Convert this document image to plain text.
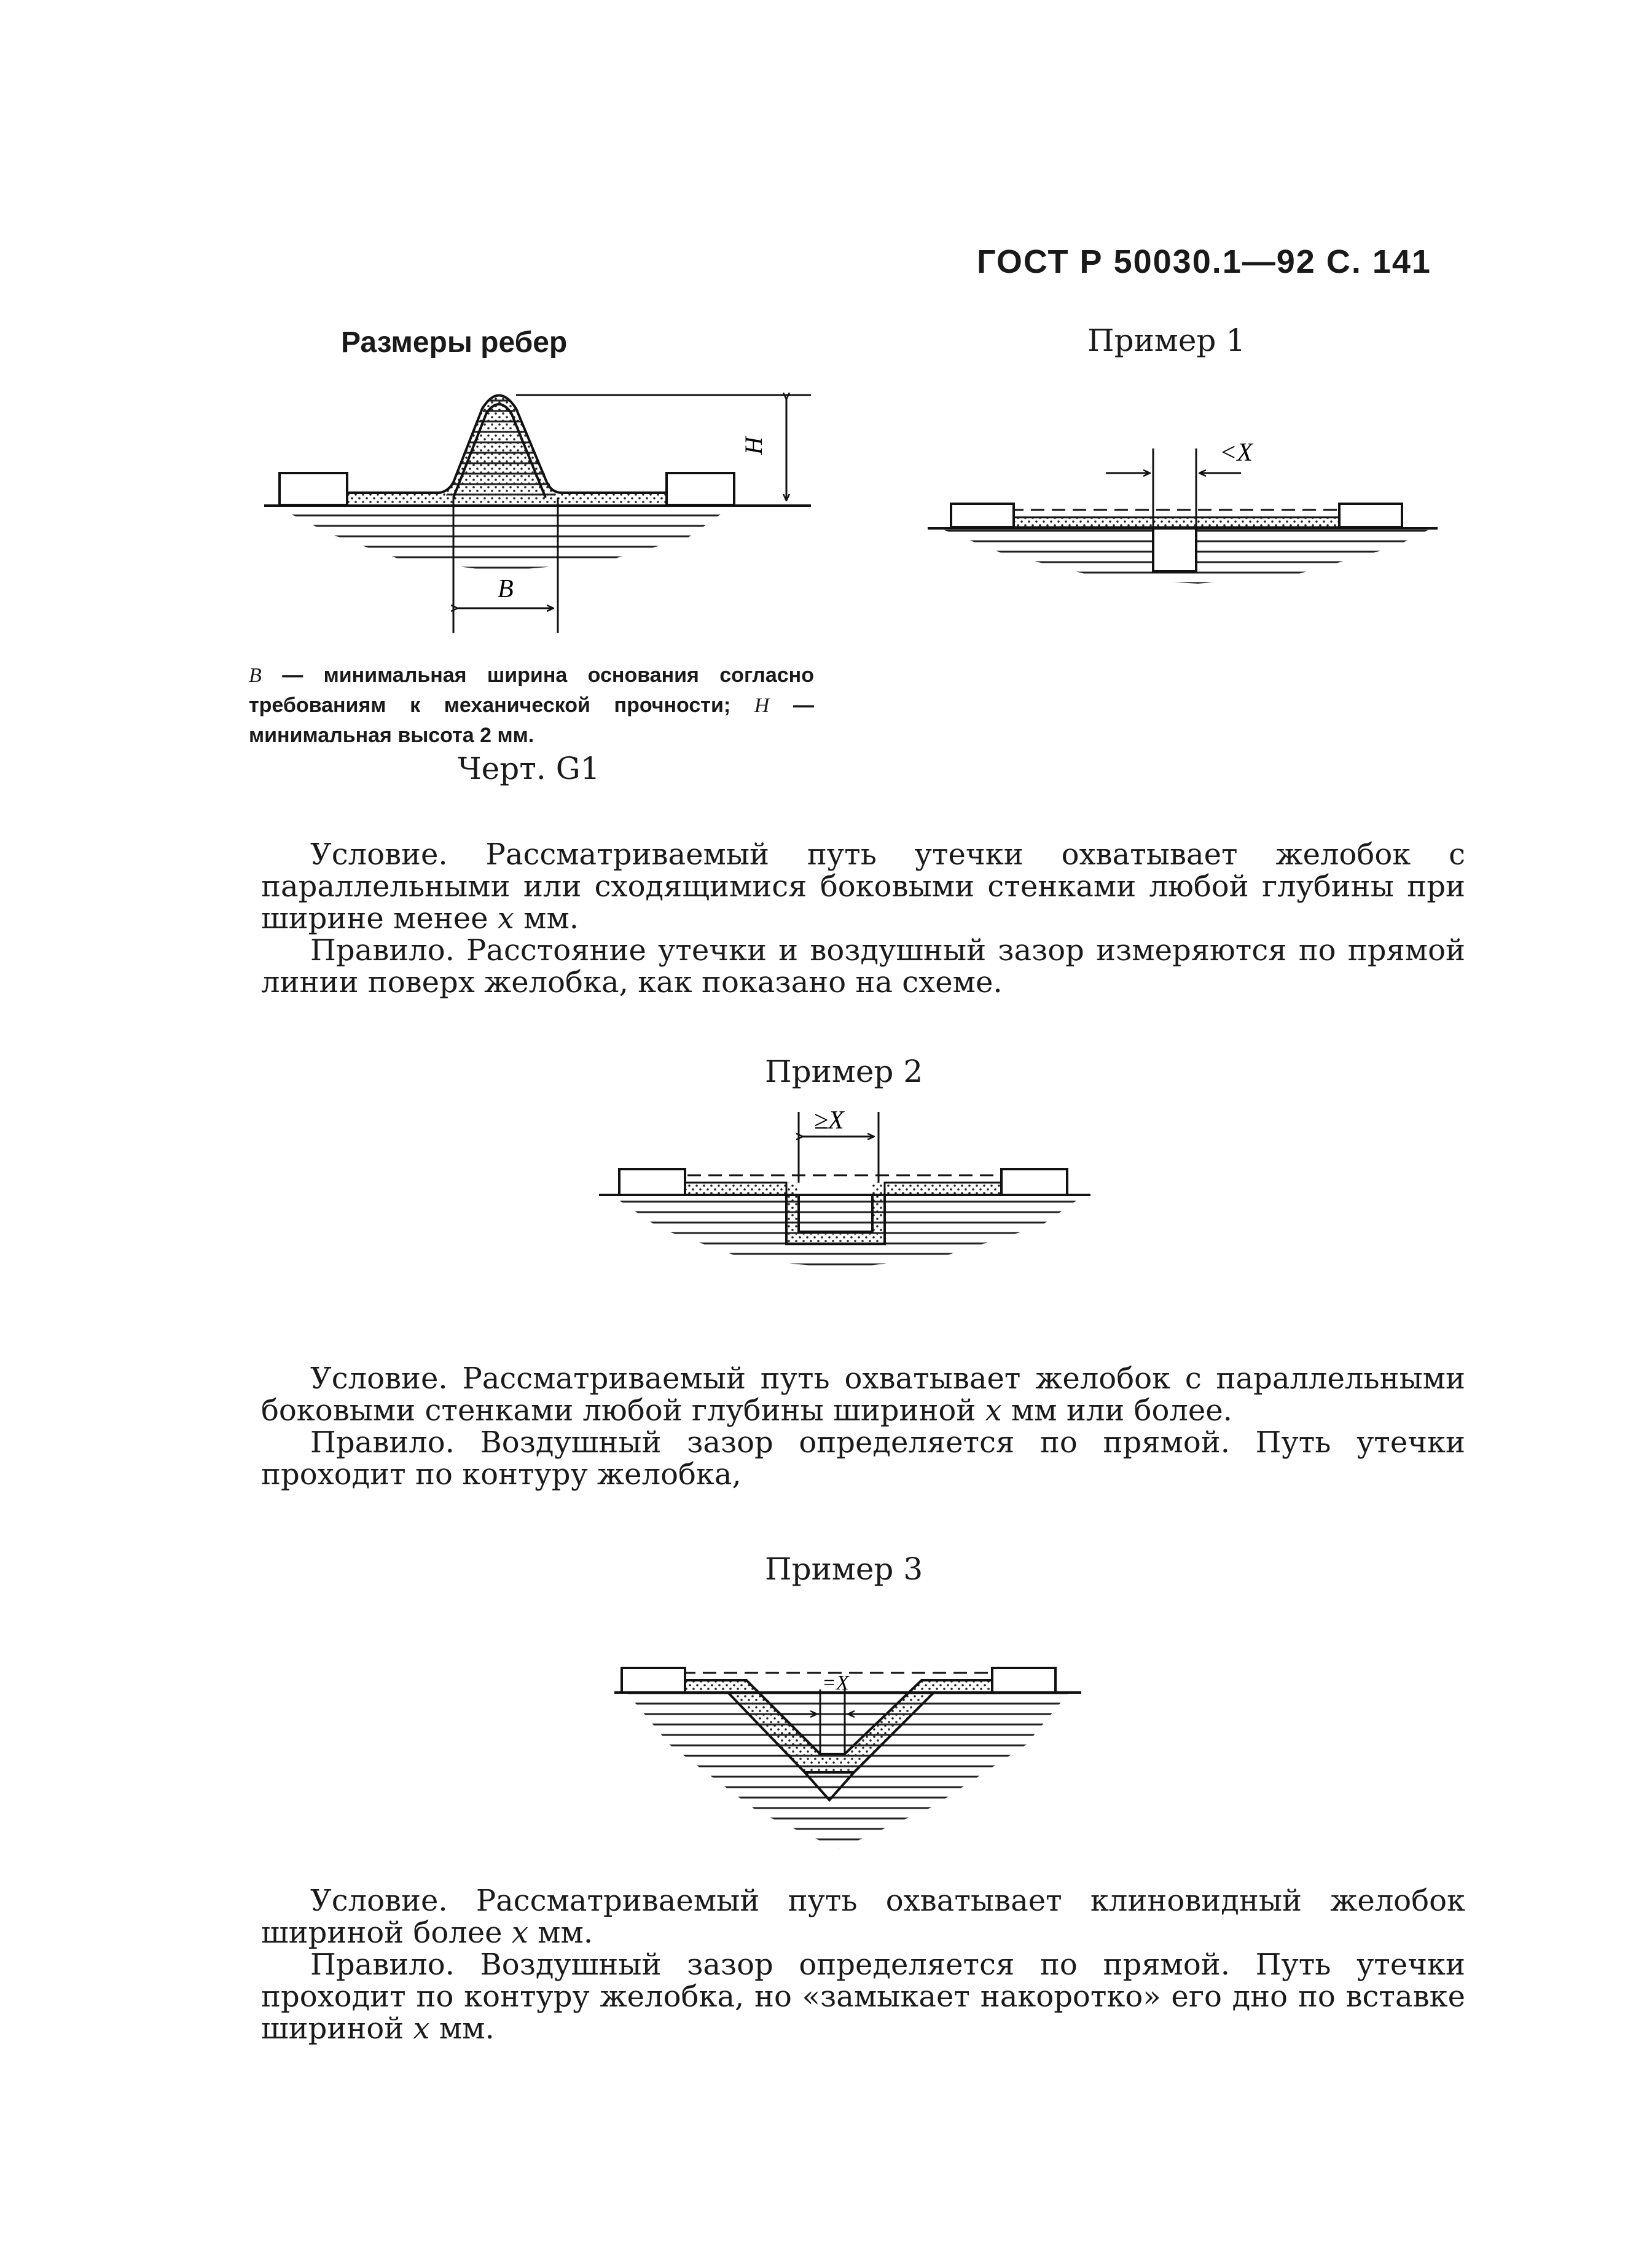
ГОСТ Р 50030.1—92 С. 141
Размеры ребер
H
B
B — минимальная ширина основания согласно требованиям к механической прочности; H — минимальная высота 2 мм.
Черт. G1
Пример 1
<X

Условие. Рассматриваемый путь утечки охватывает желобок с параллельными или сходящимися боковыми стенками любой глубины при ширине менее x мм.

Правило. Расстояние утечки и воздушный зазор измеряются по прямой линии поверх желобка, как показано на схеме.

Пример 2
≥X

Условие. Рассматриваемый путь охватывает желобок с параллельными боковыми стенками любой глубины шириной x мм или более.

Правило. Воздушный зазор определяется по прямой. Путь утечки проходит по контуру желобка,

Пример 3
=X

Условие. Рассматриваемый путь охватывает клиновидный желобок шириной более x мм.

Правило. Воздушный зазор определяется по прямой. Путь утечки проходит по контуру желобка, но «замыкает накоротко» его дно по вставке шириной x мм.
